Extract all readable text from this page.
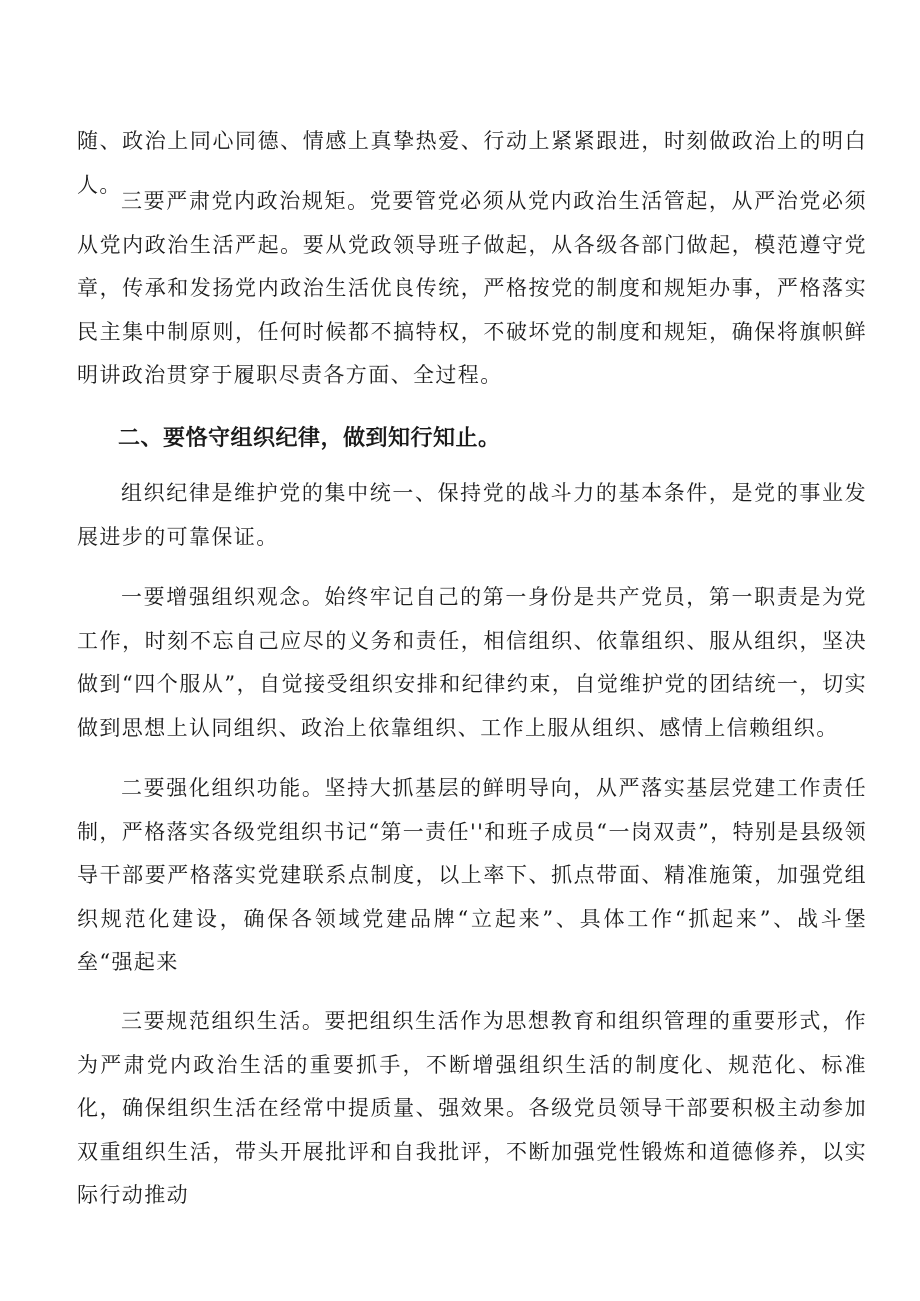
随、政治上同心同德、情感上真挚热爱、行动上紧紧跟进，时刻做政治上的明白人。

三要严肃党内政治规矩。党要管党必须从党内政治生活管起，从严治党必须从党内政治生活严起。要从党政领导班子做起，从各级各部门做起，模范遵守党章，传承和发扬党内政治生活优良传统，严格按党的制度和规矩办事，严格落实民主集中制原则，任何时候都不搞特权，不破坏党的制度和规矩，确保将旗帜鲜明讲政治贯穿于履职尽责各方面、全过程。

二、要恪守组织纪律，做到知行知止。

组织纪律是维护党的集中统一、保持党的战斗力的基本条件，是党的事业发展进步的可靠保证。

一要增强组织观念。始终牢记自己的第一身份是共产党员，第一职责是为党工作，时刻不忘自己应尽的义务和责任，相信组织、依靠组织、服从组织，坚决做到“四个服从”，自觉接受组织安排和纪律约束，自觉维护党的团结统一，切实做到思想上认同组织、政治上依靠组织、工作上服从组织、感情上信赖组织。

二要强化组织功能。坚持大抓基层的鲜明导向，从严落实基层党建工作责任制，严格落实各级党组织书记“第一责任''和班子成员“一岗双责”，特别是县级领导干部要严格落实党建联系点制度，以上率下、抓点带面、精准施策，加强党组织规范化建设，确保各领域党建品牌“立起来”、具体工作“抓起来”、战斗堡垒“强起来

三要规范组织生活。要把组织生活作为思想教育和组织管理的重要形式，作为严肃党内政治生活的重要抓手，不断增强组织生活的制度化、规范化、标准化，确保组织生活在经常中提质量、强效果。各级党员领导干部要积极主动参加双重组织生活，带头开展批评和自我批评，不断加强党性锻炼和道德修养，以实际行动推动
